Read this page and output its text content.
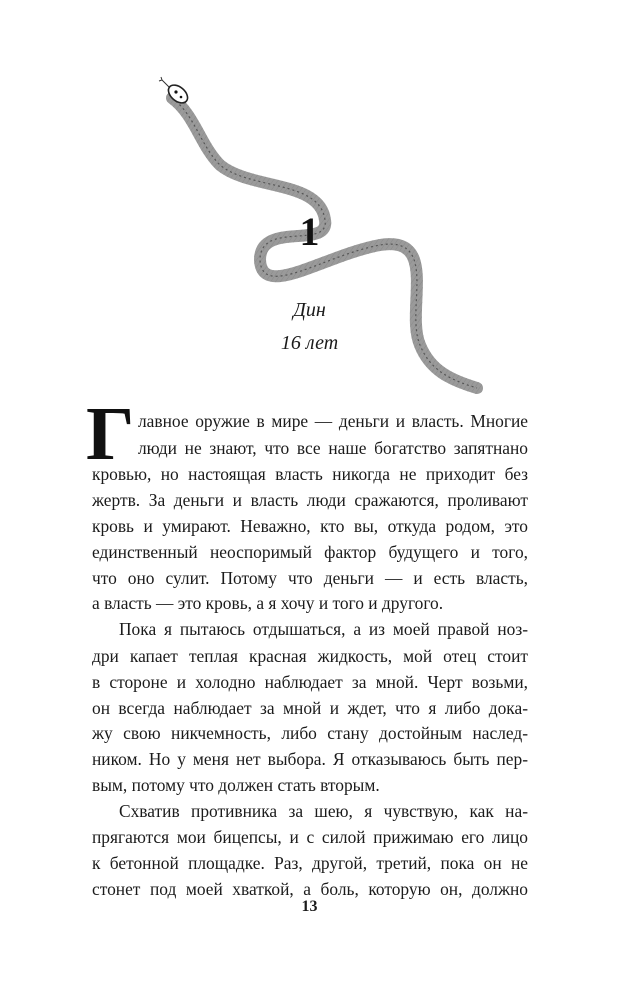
1
Дин
16 лет
Г лавное оружие в мире — деньги и власть. Многие
люди не знают, что все наше богатство запятнано
кровью, но настоящая власть никогда не приходит без
жертв. За деньги и власть люди сражаются, проливают
кровь и умирают. Неважно, кто вы, откуда родом, это
единственный неоспоримый фактор будущего и того,
что оно сулит. Потому что деньги — и есть власть,
а власть — это кровь, а я хочу и того и другого.
Пока я пытаюсь отдышаться, а из моей правой ноз-
дри капает теплая красная жидкость, мой отец стоит
в стороне и холодно наблюдает за мной. Черт возьми,
он всегда наблюдает за мной и ждет, что я либо дока-
жу свою никчемность, либо стану достойным наслед-
ником. Но у меня нет выбора. Я отказываюсь быть пер-
вым, потому что должен стать вторым.
Схватив противника за шею, я чувствую, как на-
прягаются мои бицепсы, и с силой прижимаю его лицо
к бетонной площадке. Раз, другой, третий, пока он не
стонет под моей хваткой, а боль, которую он, должно
13
